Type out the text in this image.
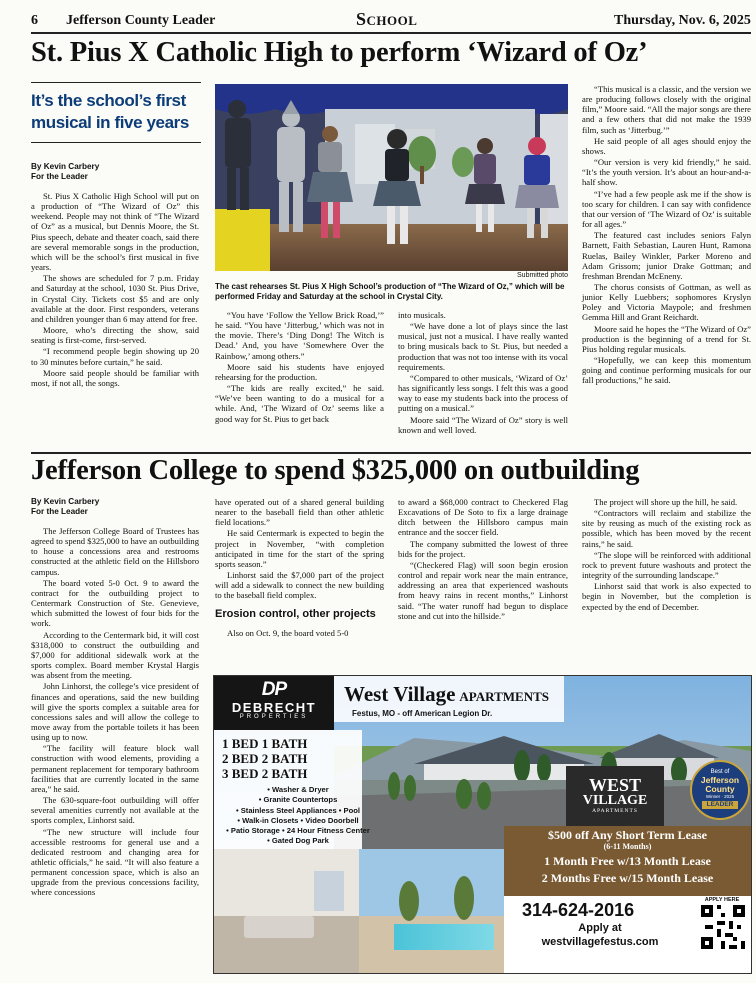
6 Jefferson County Leader	School	Thursday, Nov. 6, 2025
St. Pius X Catholic High to perform ‘Wizard of Oz’
It’s the school’s first musical in five years

By Kevin Carbery
For the Leader

St. Pius X Catholic High School will put on a production of “The Wizard of Oz” this weekend. People may not think of “The Wizard of Oz” as a musical, but Dennis Moore, the St. Pius speech, debate and theater coach, said there are several memorable songs in the production, which will be the school’s first musical in five years.

The shows are scheduled for 7 p.m. Friday and Saturday at the school, 1030 St. Pius Drive, in Crystal City. Tickets cost $5 and are only available at the door. First responders, veterans and children younger than 6 may attend for free.

Moore, who’s directing the show, said seating is first-come, first-served.

“I recommend people begin showing up 20 to 30 minutes before curtain,” he said.

Moore said people should be familiar with most, if not all, the songs.

Submitted photo
The cast rehearses St. Pius X High School’s production of “The Wizard of Oz,” which will be performed Friday and Saturday at the school in Crystal City.

“You have ‘Follow the Yellow Brick Road,’” he said. “You have ‘Jitterbug,’ which was not in the movie. There’s ‘Ding Dong! The Witch is Dead.’ And, you have ‘Somewhere Over the Rainbow,’ among others.”

Moore said his students have enjoyed rehearsing for the production.

“The kids are really excited,” he said. “We’ve been wanting to do a musical for a while. And, ‘The Wizard of Oz’ seems like a good way for St. Pius to get back

into musicals.

“We have done a lot of plays since the last musical, just not a musical. I have really wanted to bring musicals back to St. Pius, but needed a production that was not too intense with its vocal requirements.

“Compared to other musicals, ‘Wizard of Oz’ has significantly less songs. I felt this was a good way to ease my students back into the process of putting on a musical.”

Moore said “The Wizard of Oz” story is well known and well loved.

“This musical is a classic, and the version we are producing follows closely with the original film,” Moore said. “All the major songs are there and a few others that did not make the 1939 film, such as ‘Jitterbug.’”

He said people of all ages should enjoy the shows.

“Our version is very kid friendly,” he said. “It’s the youth version. It’s about an hour-and-a-half show.

“I’ve had a few people ask me if the show is too scary for children. I can say with confidence that our version of ‘The Wizard of Oz’ is suitable for all ages.”

The featured cast includes seniors Falyn Barnett, Faith Sebastian, Lauren Hunt, Ramona Ruelas, Bailey Winkler, Parker Moreno and Adam Grissom; junior Drake Gottman; and freshman Brendan McEneny.

The chorus consists of Gottman, as well as junior Kelly Luebbers; sophomores Kryslyn Poley and Victoria Maypole; and freshmen Gemma Hill and Grant Reichardt.

Moore said he hopes the “The Wizard of Oz” production is the beginning of a trend for St. Pius holding regular musicals.

“Hopefully, we can keep this momentum going and continue performing musicals for our fall productions,” he said.

Jefferson College to spend $325,000 on outbuilding

By Kevin Carbery
For the Leader

The Jefferson College Board of Trustees has agreed to spend $325,000 to have an outbuilding to house a concessions area and restrooms constructed at the athletic field on the Hillsboro campus.

The board voted 5-0 Oct. 9 to award the contract for the outbuilding project to Centermark Construction of Ste. Genevieve, which submitted the lowest of four bids for the work.

According to the Centermark bid, it will cost $318,000 to construct the outbuilding and $7,000 for additional sidewalk work at the sports complex. Board member Krystal Hargis was absent from the meeting.

John Linhorst, the college’s vice president of finances and operations, said the new building will give the sports complex a suitable area for concessions sales and will allow the college to move away from the portable toilets it has been using up to now.

“The facility will feature block wall construction with wood elements, providing a permanent replacement for temporary bathroom facilities that are currently located in the same area,” he said.

The 630-square-foot outbuilding will offer several amenities currently not available at the sports complex, Linhorst said.

“The new structure will include four accessible restrooms for general use and a dedicated restroom and changing area for athletic officials,” he said. “It will also feature a permanent concession space, which is also an upgrade from the previous concessions facility, where concessions

have operated out of a shared general building nearer to the baseball field than other athletic field locations.”

He said Centermark is expected to begin the project in November, “with completion anticipated in time for the start of the spring sports season.”

Linhorst said the $7,000 part of the project will add a sidewalk to connect the new building to the baseball field complex.

Erosion control, other projects

Also on Oct. 9, the board voted 5-0

to award a $68,000 contract to Checkered Flag Excavations of De Soto to fix a large drainage ditch between the Hillsboro campus main entrance and the soccer field.

The company submitted the lowest of three bids for the project.

“(Checkered Flag) will soon begin erosion control and repair work near the main entrance, addressing an area that experienced washouts from heavy rains in recent months,” Linhorst said. “The water runoff had begun to displace stone and cut into the hillside.”

The project will shore up the hill, he said.

“Contractors will reclaim and stabilize the site by reusing as much of the existing rock as possible, which has been moved by the recent rains,” he said.

“The slope will be reinforced with additional rock to prevent future washouts and protect the integrity of the surrounding landscape.”

Linhorst said that work is also expected to begin in November, but the completion is expected by the end of December.

DP
DEBRECHT
PROPERTIES
West Village APARTMENTS
Festus, MO - off American Legion Dr.
1 BED 1 BATH
2 BED 2 BATH
3 BED 2 BATH
• Washer & Dryer
• Granite Countertops
• Stainless Steel Appliances • Pool
• Walk-in Closets • Video Doorbell
• Patio Storage • 24 Hour Fitness Center
• Gated Dog Park
WEST
VILLAGE
APARTMENTS
Best of
Jefferson
County
Winner · 2025
LEADER
$500 off Any Short Term Lease
(6-11 Months)
1 Month Free w/13 Month Lease
2 Months Free w/15 Month Lease
314-624-2016
Apply at
westvillagefestus.com
APPLY HERE
